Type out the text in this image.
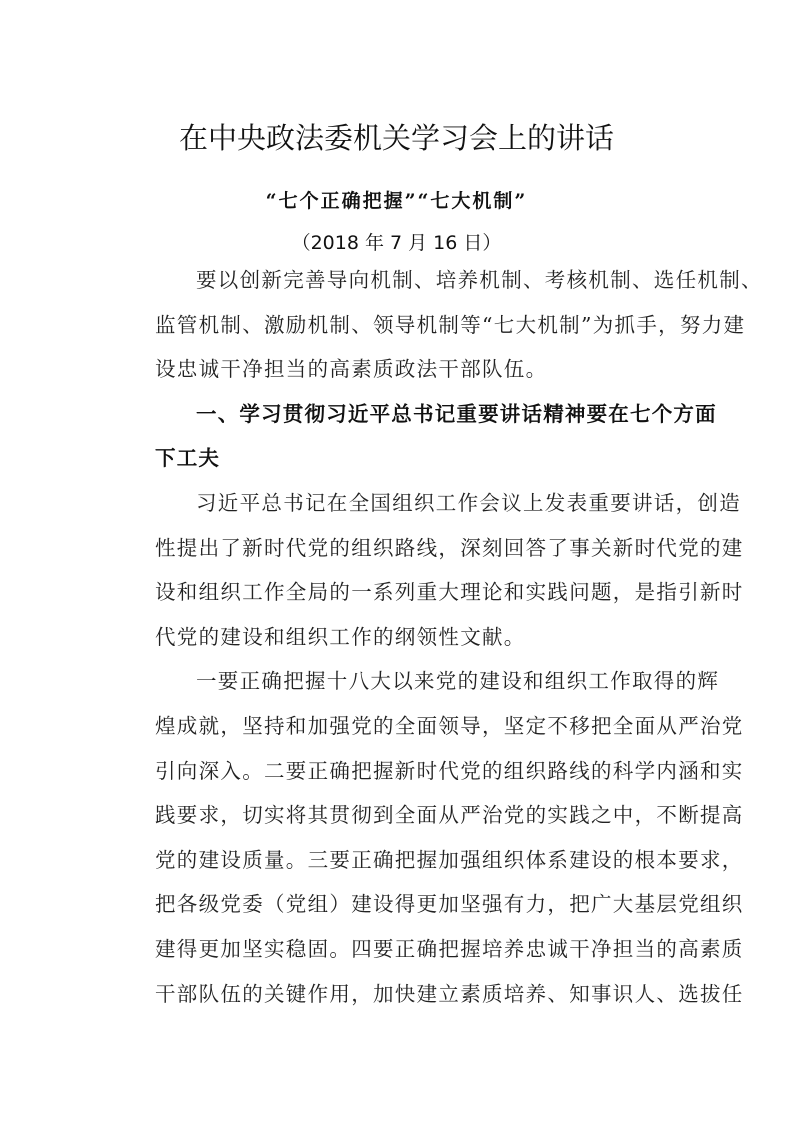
在中央政法委机关学习会上的讲话
“七个正确把握”“七大机制”
（2018 年 7 月 16 日）

要以创新完善导向机制、培养机制、考核机制、选任机制、
监管机制、激励机制、领导机制等“七大机制”为抓手，努力建
设忠诚干净担当的高素质政法干部队伍。

一、学习贯彻习近平总书记重要讲话精神要在七个方面
下工夫

习近平总书记在全国组织工作会议上发表重要讲话，创造
性提出了新时代党的组织路线，深刻回答了事关新时代党的建
设和组织工作全局的一系列重大理论和实践问题，是指引新时
代党的建设和组织工作的纲领性文献。

一要正确把握十八大以来党的建设和组织工作取得的辉
煌成就，坚持和加强党的全面领导，坚定不移把全面从严治党
引向深入。二要正确把握新时代党的组织路线的科学内涵和实
践要求，切实将其贯彻到全面从严治党的实践之中，不断提高
党的建设质量。三要正确把握加强组织体系建设的根本要求，
把各级党委（党组）建设得更加坚强有力，把广大基层党组织
建得更加坚实稳固。四要正确把握培养忠诚干净担当的高素质
干部队伍的关键作用，加快建立素质培养、知事识人、选拔任
